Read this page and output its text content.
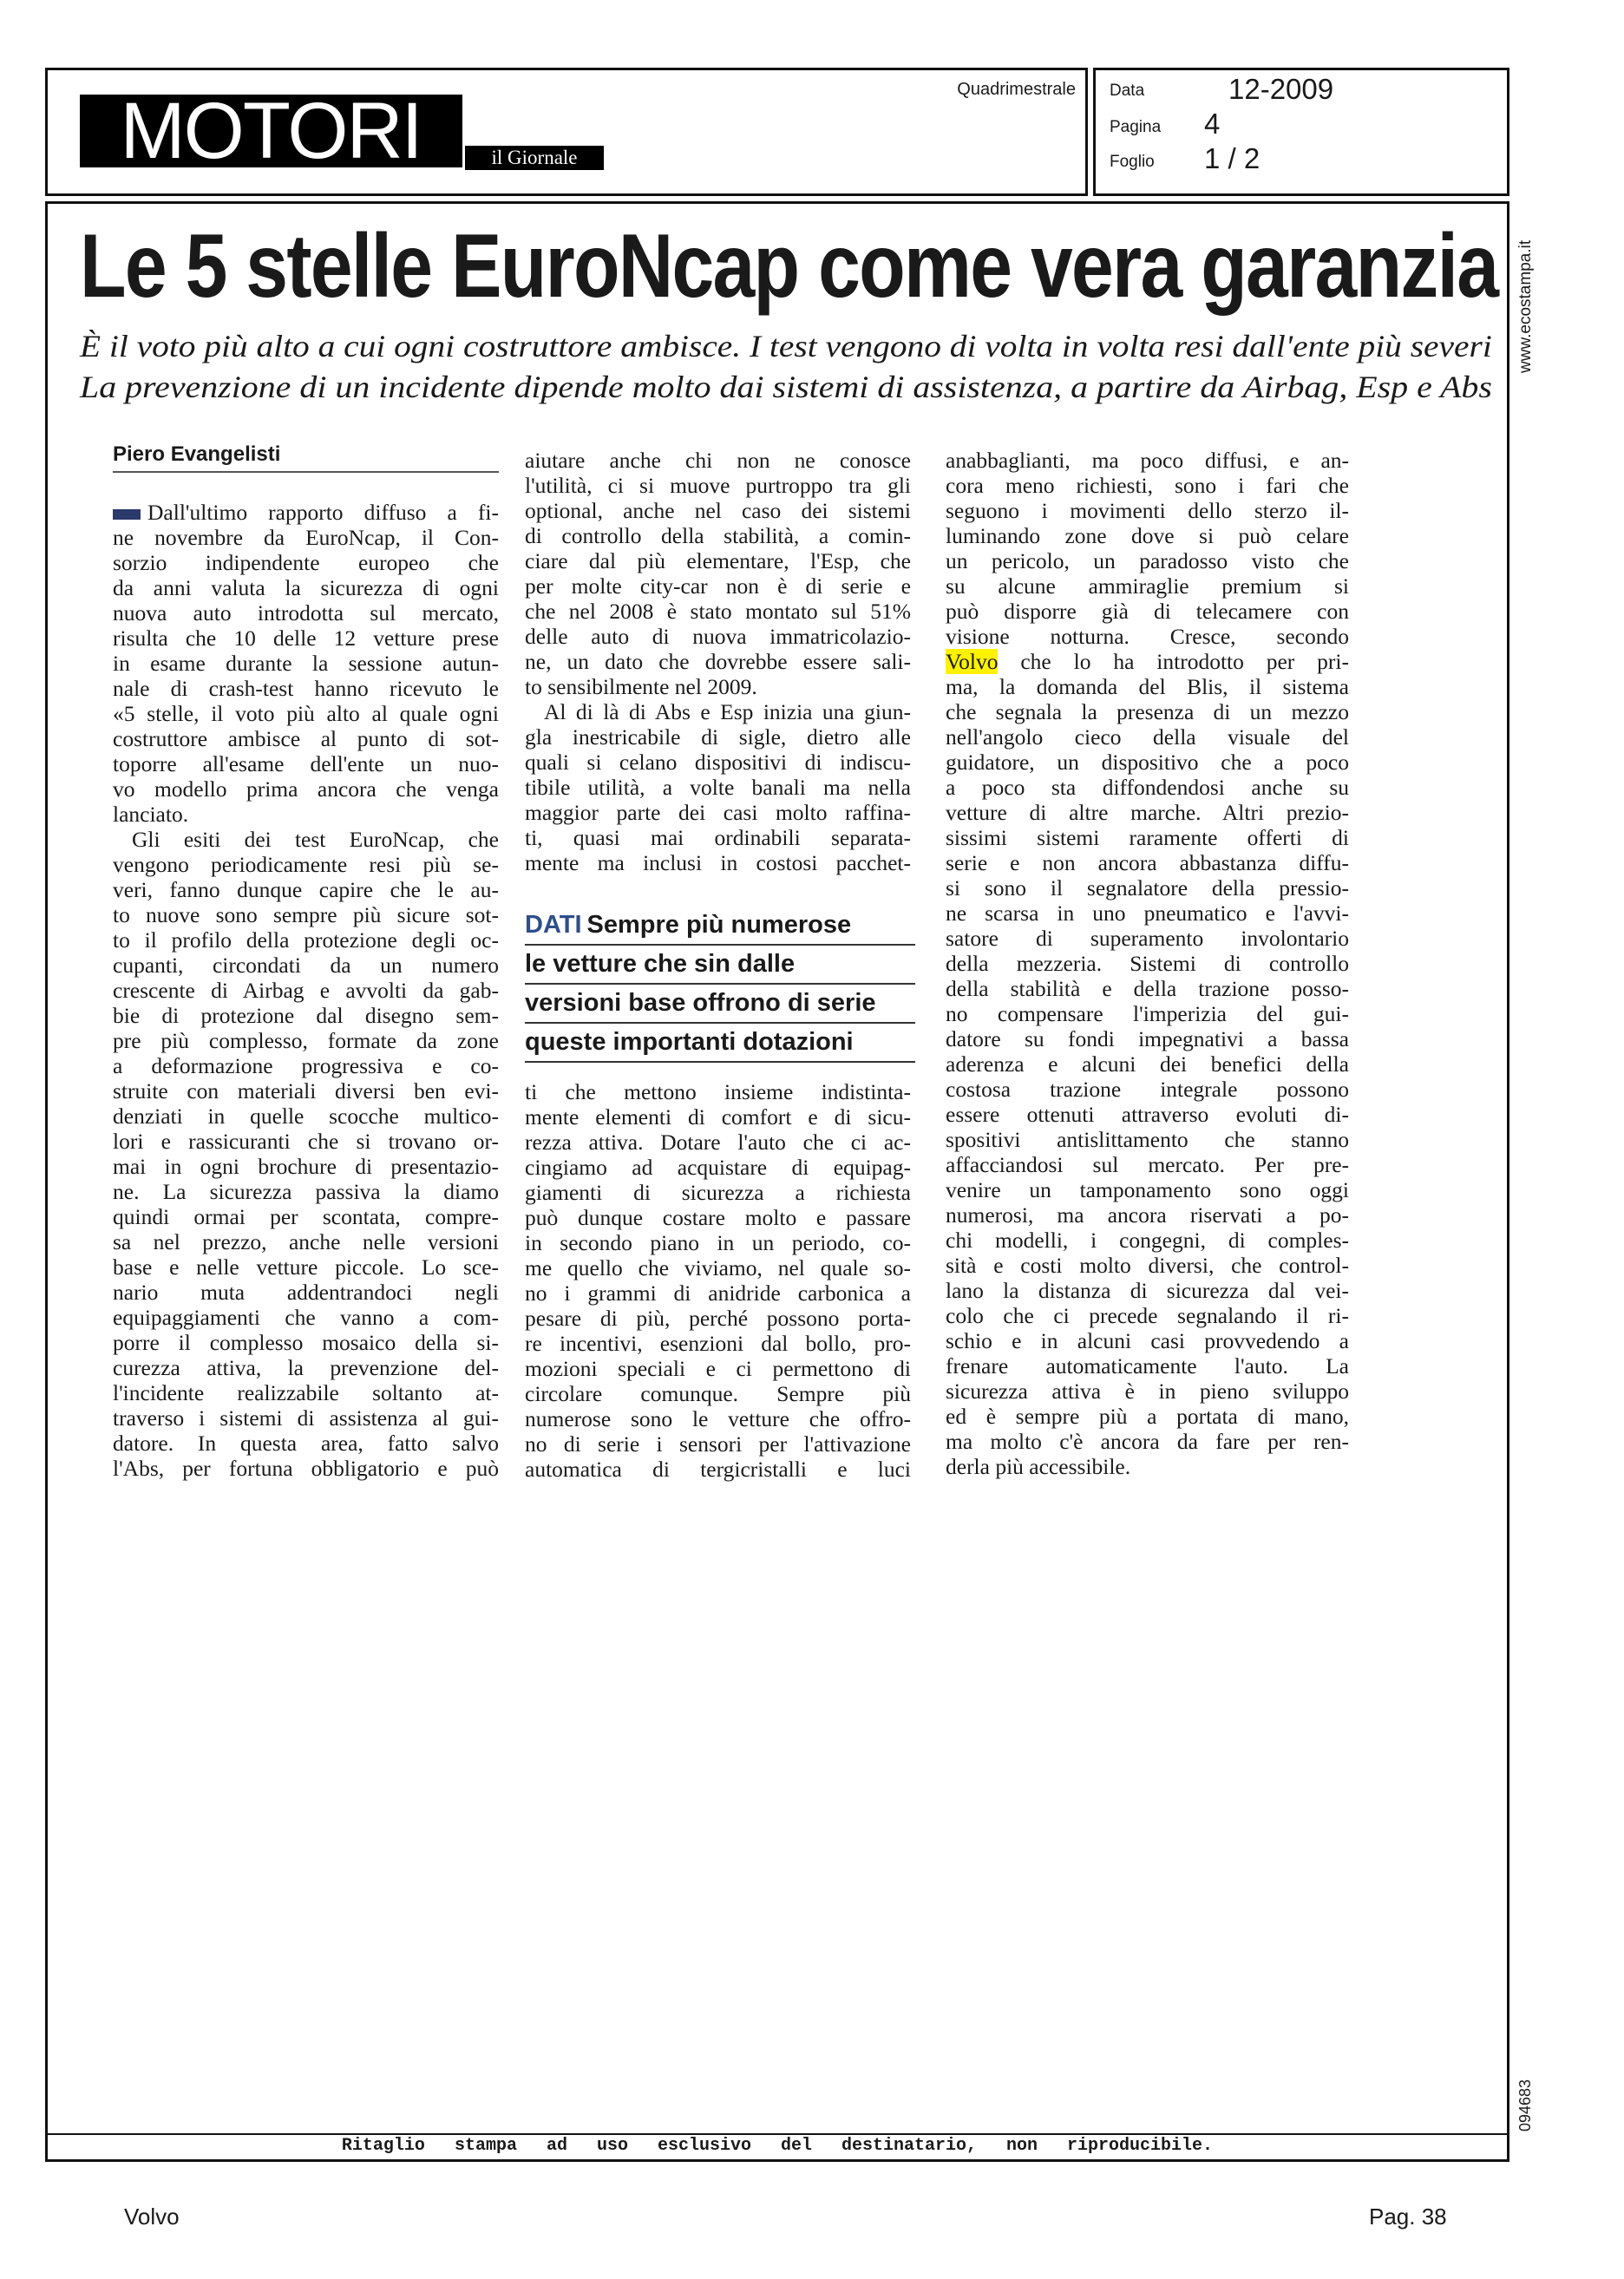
MOTORI	il Giornale
Quadrimestrale Data	12-2009
Pagina 4
Foglio 1 / 2
Le 5 stelle EuroNcap come vera garanzia
È il voto più alto a cui ogni costruttore ambisce. I test vengono di volta in volta resi dall'ente più severi
La prevenzione di un incidente dipende molto dai sistemi di assistenza, a partire da Airbag, Esp e Abs
Piero Evangelisti
Dall'ultimo rapporto diffuso a fi-
ne novembre da EuroNcap, il Con-
sorzio indipendente europeo che
da anni valuta la sicurezza di ogni
nuova auto introdotta sul mercato,
risulta che 10 delle 12 vetture prese
in esame durante la sessione autun-
nale di crash-test hanno ricevuto le
«5 stelle, il voto più alto al quale ogni
costruttore ambisce al punto di sot-
toporre all'esame dell'ente un nuo-
vo modello prima ancora che venga
lanciato.
Gli esiti dei test EuroNcap, che
vengono periodicamente resi più se-
veri, fanno dunque capire che le au-
to nuove sono sempre più sicure sot-
to il profilo della protezione degli oc-
cupanti, circondati da un numero
crescente di Airbag e avvolti da gab-
bie di protezione dal disegno sem-
pre più complesso, formate da zone
a deformazione progressiva e co-
struite con materiali diversi ben evi-
denziati in quelle scocche multico-
lori e rassicuranti che si trovano or-
mai in ogni brochure di presentazio-
ne. La sicurezza passiva la diamo
quindi ormai per scontata, compre-
sa nel prezzo, anche nelle versioni
base e nelle vetture piccole. Lo sce-
nario muta addentrandoci negli
equipaggiamenti che vanno a com-
porre il complesso mosaico della si-
curezza attiva, la prevenzione del-
l'incidente realizzabile soltanto at-
traverso i sistemi di assistenza al gui-
datore. In questa area, fatto salvo
l'Abs, per fortuna obbligatorio e può
aiutare anche chi non ne conosce
l'utilità, ci si muove purtroppo tra gli
optional, anche nel caso dei sistemi
di controllo della stabilità, a comin-
ciare dal più elementare, l'Esp, che
per molte city-car non è di serie e
che nel 2008 è stato montato sul 51%
delle auto di nuova immatricolazio-
ne, un dato che dovrebbe essere sali-
to sensibilmente nel 2009.
Al di là di Abs e Esp inizia una giun-
gla inestricabile di sigle, dietro alle
quali si celano dispositivi di indiscu-
tibile utilità, a volte banali ma nella
maggior parte dei casi molto raffina-
ti, quasi mai ordinabili separata-
mente ma inclusi in costosi pacchet-
DATI Sempre più numerose
le vetture che sin dalle
versioni base offrono di serie
queste importanti dotazioni
ti che mettono insieme indistinta-
mente elementi di comfort e di sicu-
rezza attiva. Dotare l'auto che ci ac-
cingiamo ad acquistare di equipag-
giamenti di sicurezza a richiesta
può dunque costare molto e passare
in secondo piano in un periodo, co-
me quello che viviamo, nel quale so-
no i grammi di anidride carbonica a
pesare di più, perché possono porta-
re incentivi, esenzioni dal bollo, pro-
mozioni speciali e ci permettono di
circolare comunque. Sempre più
numerose sono le vetture che offro-
no di serie i sensori per l'attivazione
automatica di tergicristalli e luci
anabbaglianti, ma poco diffusi, e an-
cora meno richiesti, sono i fari che
seguono i movimenti dello sterzo il-
luminando zone dove si può celare
un pericolo, un paradosso visto che
su alcune ammiraglie premium si
può disporre già di telecamere con
visione notturna. Cresce, secondo
Volvo che lo ha introdotto per pri-
ma, la domanda del Blis, il sistema
che segnala la presenza di un mezzo
nell'angolo cieco della visuale del
guidatore, un dispositivo che a poco
a poco sta diffondendosi anche su
vetture di altre marche. Altri prezio-
sissimi sistemi raramente offerti di
serie e non ancora abbastanza diffu-
si sono il segnalatore della pressio-
ne scarsa in uno pneumatico e l'avvi-
satore di superamento involontario
della mezzeria. Sistemi di controllo
della stabilità e della trazione posso-
no compensare l'imperizia del gui-
datore su fondi impegnativi a bassa
aderenza e alcuni dei benefici della
costosa trazione integrale possono
essere ottenuti attraverso evoluti di-
spositivi antislittamento che stanno
affacciandosi sul mercato. Per pre-
venire un tamponamento sono oggi
numerosi, ma ancora riservati a po-
chi modelli, i congegni, di comples-
sità e costi molto diversi, che control-
lano la distanza di sicurezza dal vei-
colo che ci precede segnalando il ri-
schio e in alcuni casi provvedendo a
frenare automaticamente l'auto. La
sicurezza attiva è in pieno sviluppo
ed è sempre più a portata di mano,
ma molto c'è ancora da fare per ren-
derla più accessibile.
Ritaglio stampa ad uso esclusivo del destinatario, non riproducibile.
www.ecostampa.it
094683
Volvo	Pag. 38
